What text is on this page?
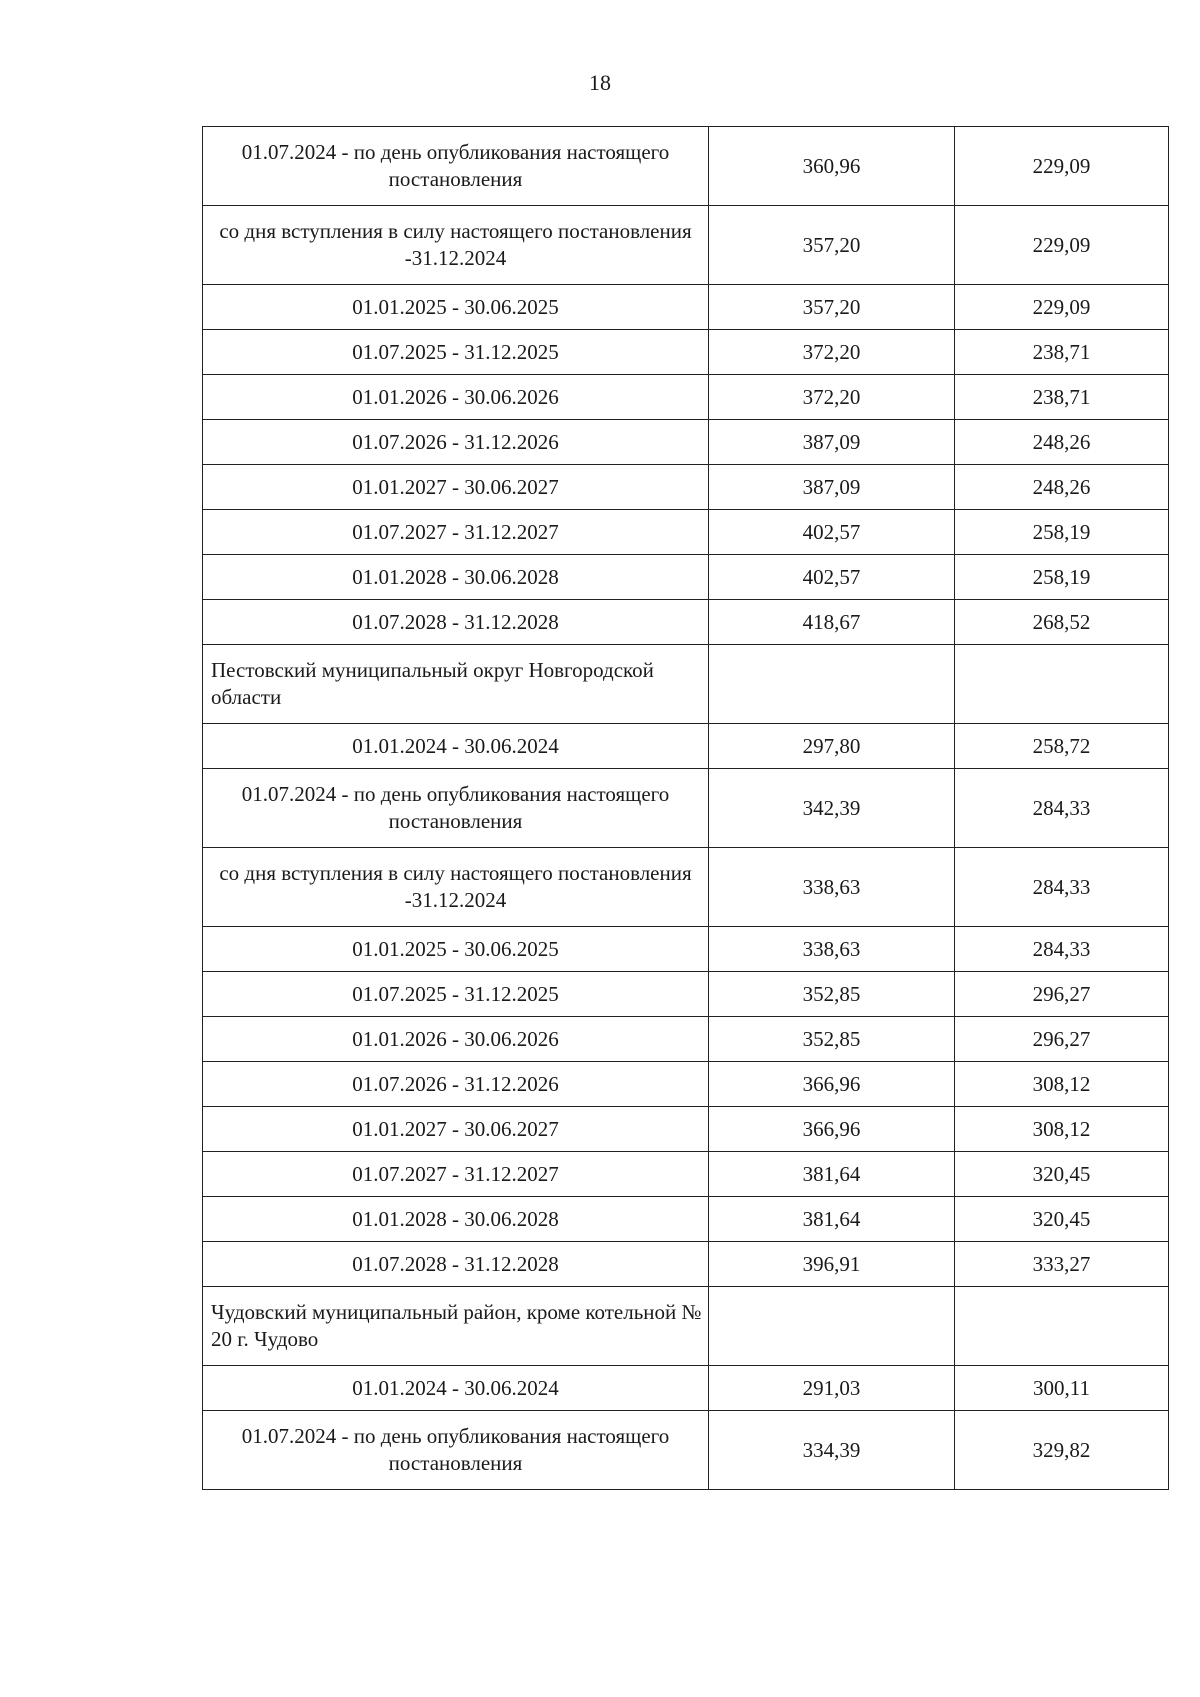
18
01.07.2024 - по день опубликования настоящего постановления	360,96	229,09
со дня вступления в силу настоящего постановления -31.12.2024	357,20	229,09
01.01.2025 - 30.06.2025	357,20	229,09
01.07.2025 - 31.12.2025	372,20	238,71
01.01.2026 - 30.06.2026	372,20	238,71
01.07.2026 - 31.12.2026	387,09	248,26
01.01.2027 - 30.06.2027	387,09	248,26
01.07.2027 - 31.12.2027	402,57	258,19
01.01.2028 - 30.06.2028	402,57	258,19
01.07.2028 - 31.12.2028	418,67	268,52
Пестовский муниципальный округ Новгородской области		
01.01.2024 - 30.06.2024	297,80	258,72
01.07.2024 - по день опубликования настоящего постановления	342,39	284,33
со дня вступления в силу настоящего постановления -31.12.2024	338,63	284,33
01.01.2025 - 30.06.2025	338,63	284,33
01.07.2025 - 31.12.2025	352,85	296,27
01.01.2026 - 30.06.2026	352,85	296,27
01.07.2026 - 31.12.2026	366,96	308,12
01.01.2027 - 30.06.2027	366,96	308,12
01.07.2027 - 31.12.2027	381,64	320,45
01.01.2028 - 30.06.2028	381,64	320,45
01.07.2028 - 31.12.2028	396,91	333,27
Чудовский муниципальный район, кроме котельной № 20 г. Чудово		
01.01.2024 - 30.06.2024	291,03	300,11
01.07.2024 - по день опубликования настоящего постановления	334,39	329,82
